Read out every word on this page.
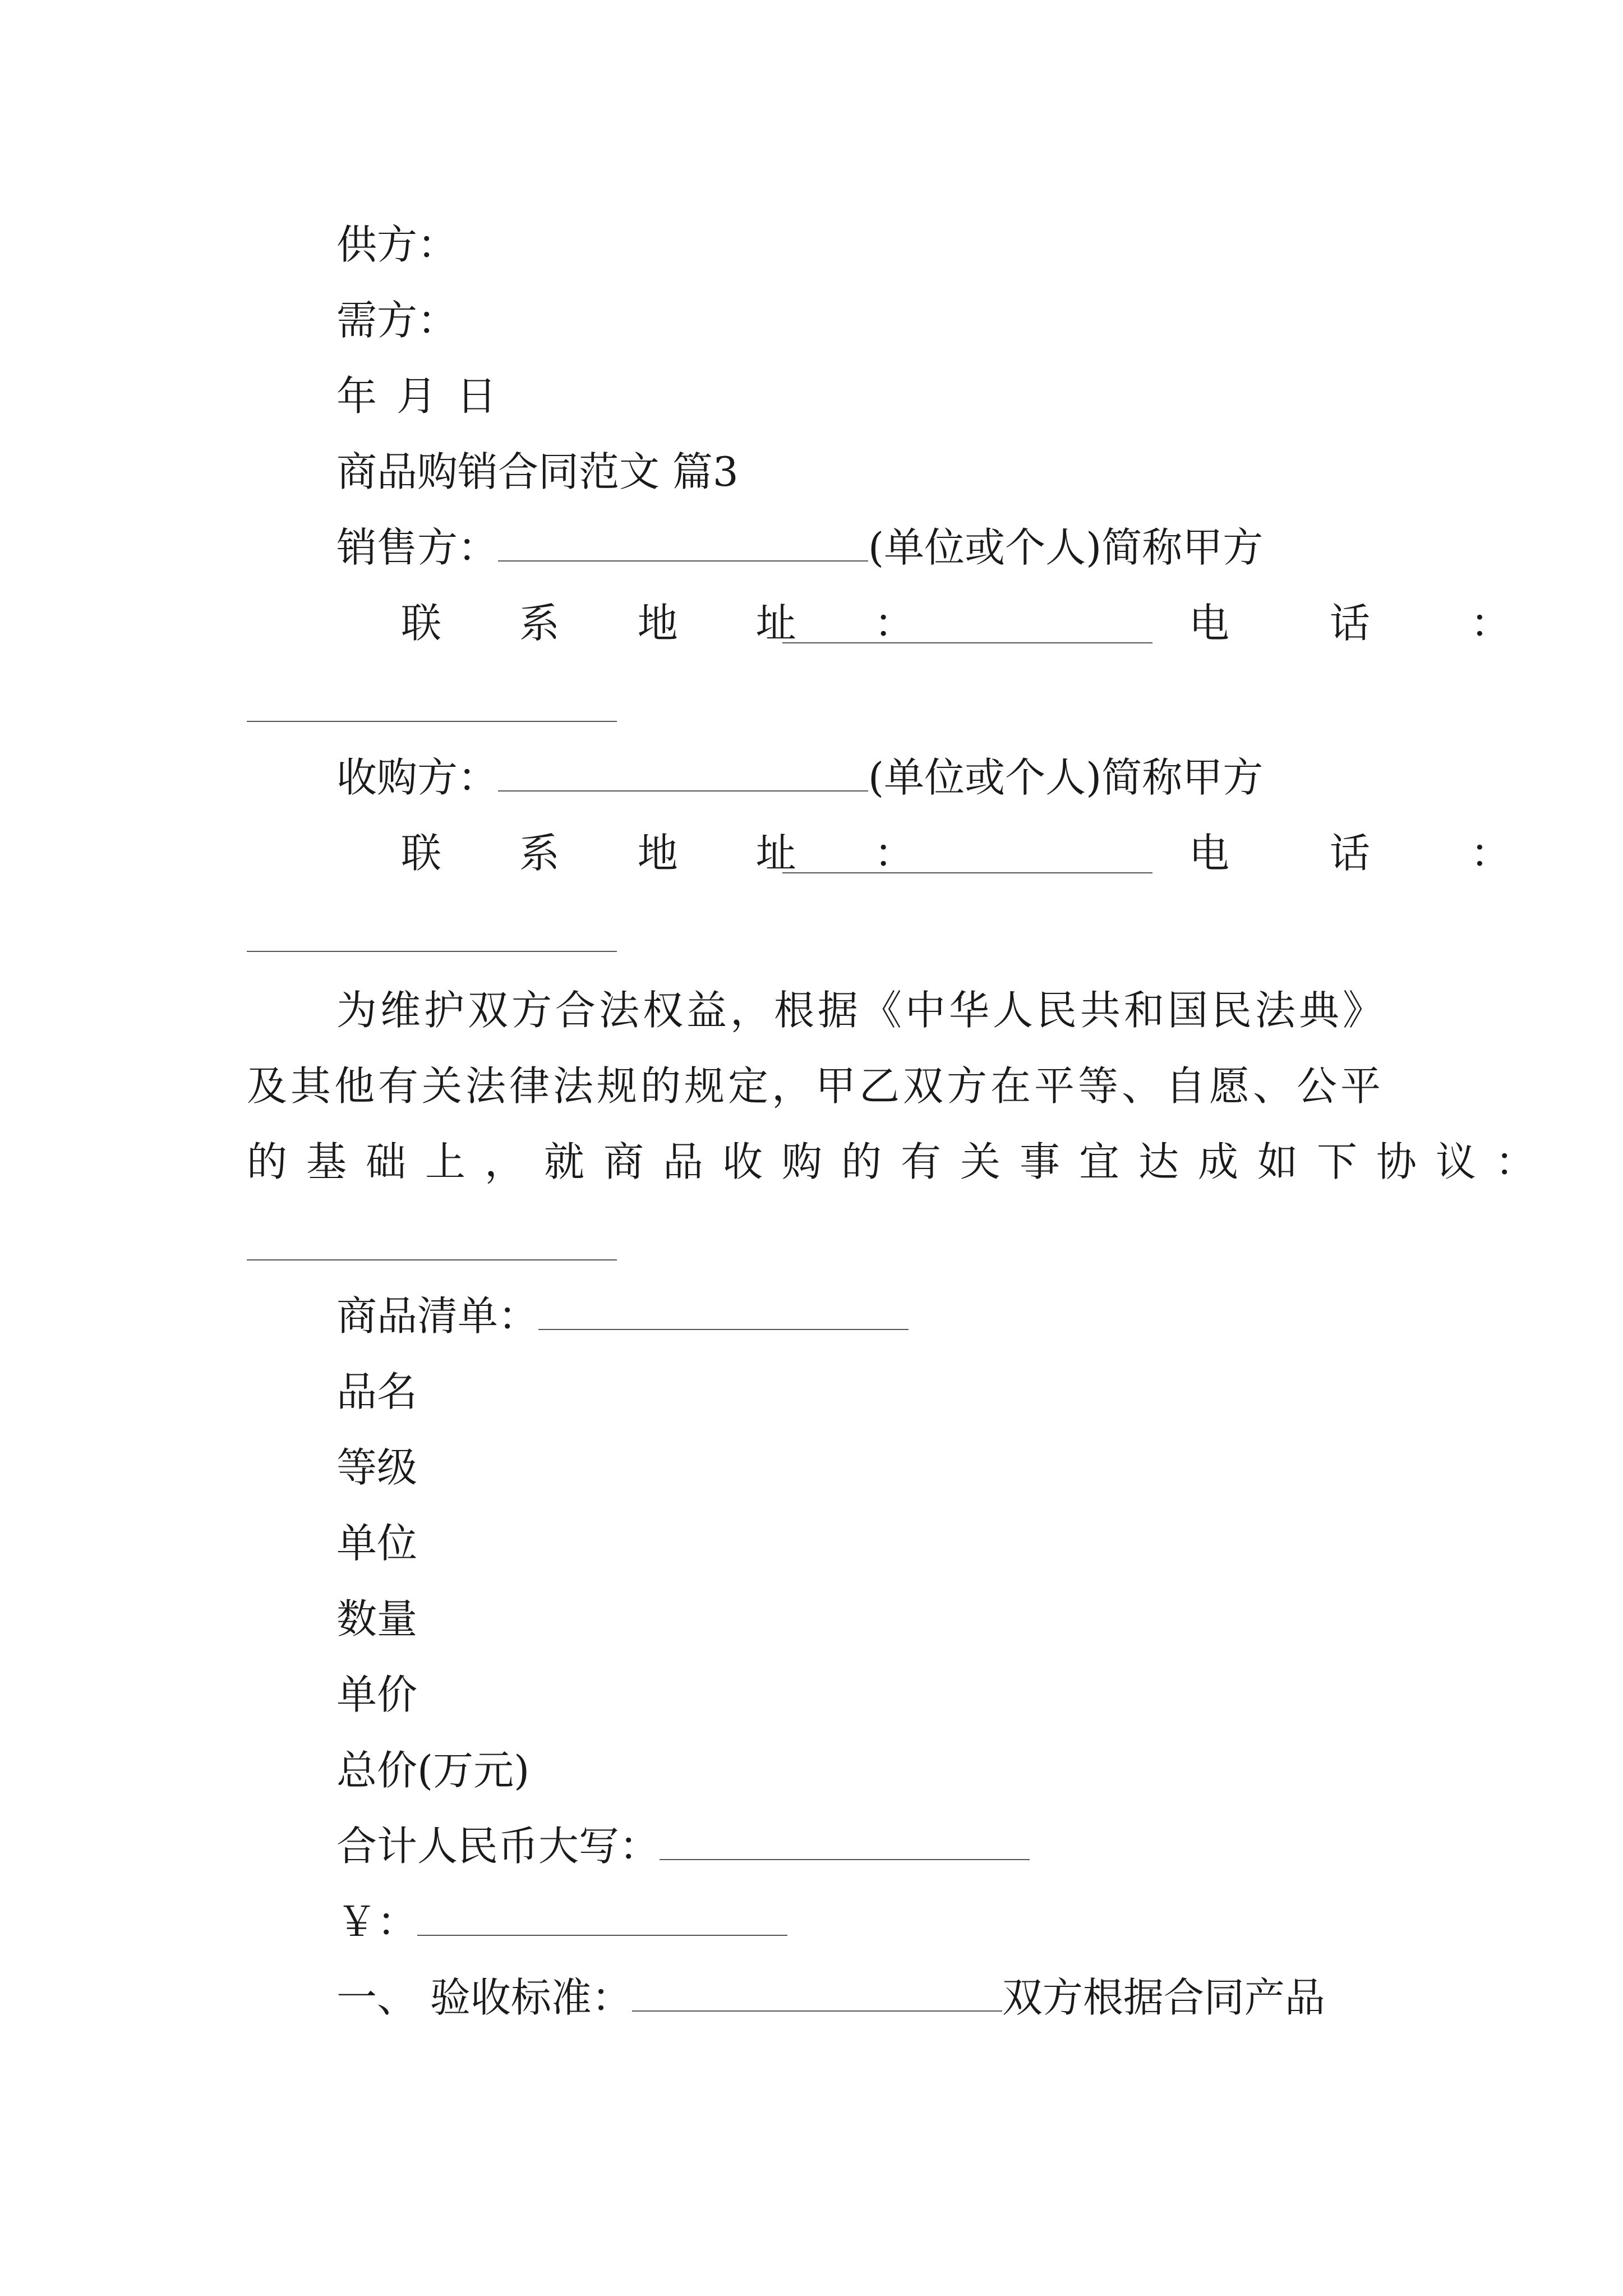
供方：
需方：
年 月 日
商品购销合同范文 篇3
销售方：	(单位或个人)简称甲方
联 系 地 址 ：	电 话 ：
收购方：	(单位或个人)简称甲方
联 系 地 址 ：	电 话 ：
为维护双方合法权益，根据《中华人民共和国民法典》
及其他有关法律法规的规定，甲乙双方在平等、自愿、公平
的基础上，就商品收购的有关事宜达成如下协议：
商品清单：
品名
等级
单位
数量
单价
总价(万元)
合计人民币大写：
￥：
一、 验收标准：	双方根据合同产品
